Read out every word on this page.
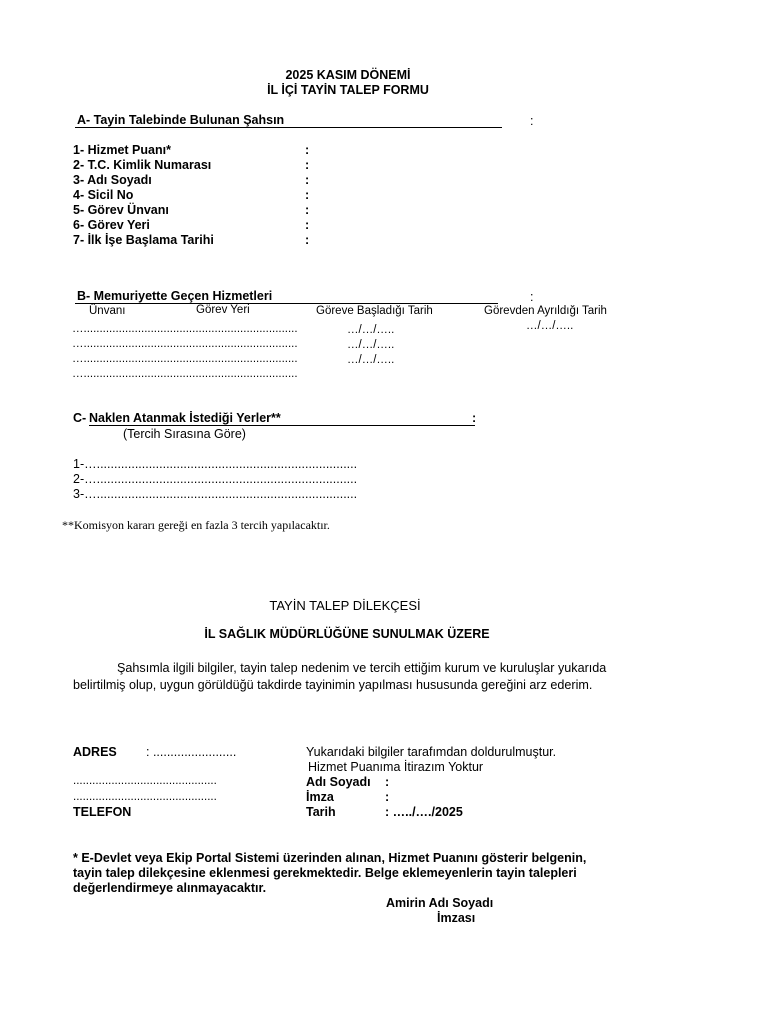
2025 KASIM DÖNEMİ
İL İÇİ TAYİN TALEP FORMU
A- Tayin Talebinde Bulunan Şahsın	:
1- Hizmet Puanı*	:
2- T.C. Kimlik Numarası	:
3- Adı Soyadı	:
4- Sicil No	:
5- Görev Ünvanı	:
6- Görev Yeri	:
7- İlk İşe Başlama Tarihi	:
B- Memuriyette Geçen Hizmetleri	:
Ünvanı	Görev Yeri	Göreve Başladığı Tarih	Görevden Ayrıldığı Tarih
…...................................................................	…/…/…..	…/…/…..
…...................................................................	…/…/…..
…...................................................................	…/…/…..
…...................................................................
C- Naklen Atanmak İstediği Yerler**	:
(Tercih Sırasına Göre)
1-…...........................................................................
2-…...........................................................................
3-…...........................................................................
**Komisyon kararı gereği en fazla 3 tercih yapılacaktır.
TAYİN TALEP DİLEKÇESİ
İL SAĞLIK MÜDÜRLÜĞÜNE SUNULMAK ÜZERE
Şahsımla ilgili bilgiler, tayin talep nedenim ve tercih ettiğim kurum ve kuruluşlar yukarıda
belirtilmiş olup, uygun görüldüğü takdirde tayinimin yapılması hususunda gereğini arz ederim.
ADRES : ........................
.............................................
.............................................
TELEFON
Yukarıdaki bilgiler tarafımdan doldurulmuştur.
Hizmet Puanıma İtirazım Yoktur
Adı Soyadı :
İmza	:
Tarih	: …../…./2025
* E-Devlet veya Ekip Portal Sistemi üzerinden alınan, Hizmet Puanını gösterir belgenin,
tayin talep dilekçesine eklenmesi gerekmektedir. Belge eklemeyenlerin tayin talepleri
değerlendirmeye alınmayacaktır.
Amirin Adı Soyadı
İmzası
